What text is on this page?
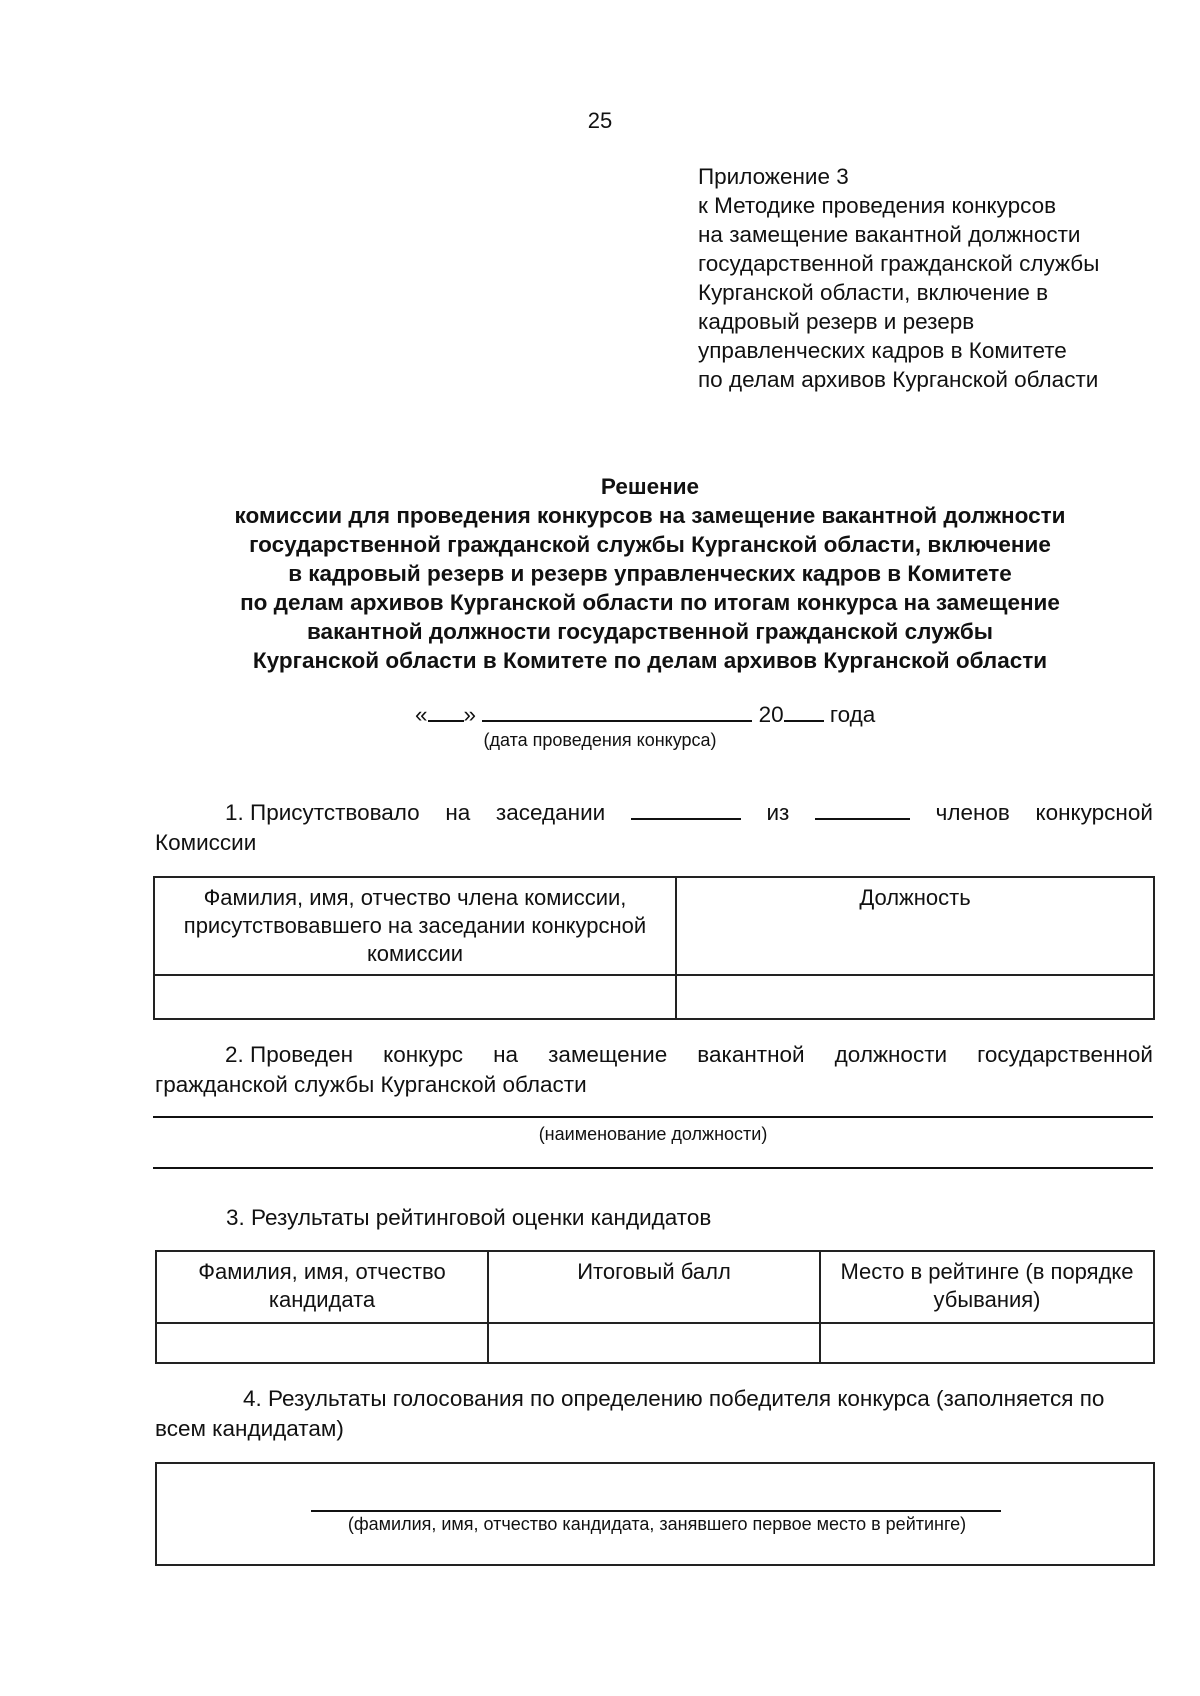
25
Приложение 3
к Методике проведения конкурсов
на замещение вакантной должности
государственной гражданской службы
Курганской области, включение в
кадровый резерв и резерв
управленческих кадров в Комитете
по делам архивов Курганской области
Решение
комиссии для проведения конкурсов на замещение вакантной должности
государственной гражданской службы Курганской области, включение
в кадровый резерв и резерв управленческих кадров в Комитете
по делам архивов Курганской области по итогам конкурса на замещение
вакантной должности государственной гражданской службы
Курганской области в Комитете по делам архивов Курганской области
« »	20 года
(дата проведения конкурса)
1. Присутствовало на заседании	из	членов конкурсной
Комиссии
Фамилия, имя, отчество члена комиссии, присутствовавшего на заседании конкурсной комиссии	Должность

2. Проведен конкурс на замещение вакантной должности государственной
гражданской службы Курганской области
(наименование должности)
3. Результаты рейтинговой оценки кандидатов
Фамилия, имя, отчество кандидата	Итоговый балл	Место в рейтинге (в порядке убывания)

4. Результаты голосования по определению победителя конкурса (заполняется по
всем кандидатам)
(фамилия, имя, отчество кандидата, занявшего первое место в рейтинге)
